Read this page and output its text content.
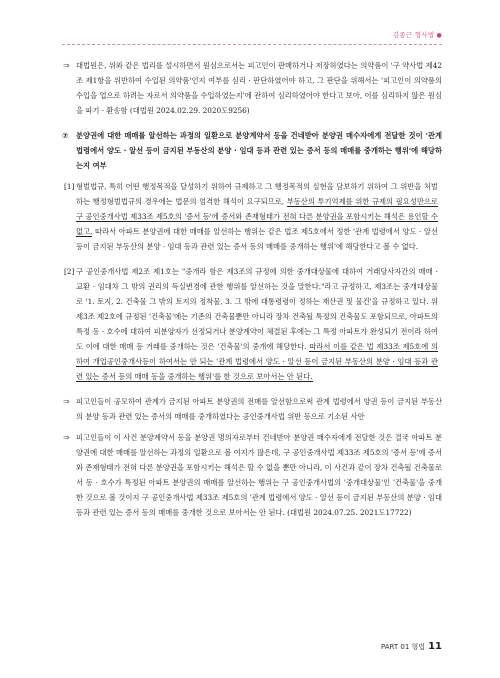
김종근 형사법 ●

⇒ 대법원은, 위와 같은 법리를 설시하면서 원심으로서는 피고인이 판매하거나 저장하였다는 의약품이 '구 약사법 제42조 제1항을 위반하여 수입된 의약품'인지 여부를 심리 · 판단하였어야 하고, 그 판단을 위해서는 '피고인이 의약품의 수입을 업으로 하려는 자로서 의약품을 수입하였는지'에 관하여 심리하였어야 한다고 보아, 이를 심리하지 않은 원심을 파기 · 환송함 (대법원 2024.02.29. 2020도9256)

⑦ 분양권에 대한 매매를 알선하는 과정의 일환으로 분양계약서 등을 건네받아 분양권 매수자에게 전달한 것이 '관계 법령에서 양도 · 알선 등이 금지된 부동산의 분양 · 임대 등과 관련 있는 증서 등의 매매를 중개하는 행위'에 해당하는지 여부

[1] 형벌법규, 특히 어떤 행정목적을 달성하기 위하여 규제하고 그 행정목적의 실현을 담보하기 위하여 그 위반을 처벌하는 행정형벌법규의 경우에는 법문의 엄격한 해석이 요구되므로, 부동산의 투기억제를 위한 규제의 필요성만으로 구 공인중개사법 제33조 제5호의 '증서 등'에 증서와 존재형태가 전혀 다른 분양권을 포함시키는 해석은 용인할 수 없고, 따라서 아파트 분양권에 대한 매매를 알선하는 행위는 같은 법조 제5호에서 정한 '관계 법령에서 양도 · 알선 등이 금지된 부동산의 분양 · 임대 등과 관련 있는 증서 등의 매매를 중개하는 행위'에 해당한다고 볼 수 없다.

[2] 구 공인중개사법 제2조 제1호는 "중개라 함은 제3조의 규정에 의한 중개대상물에 대하여 거래당사자간의 매매 · 교환 · 임대차 그 밖의 권리의 득실변경에 관한 행위를 알선하는 것을 말한다."라고 규정하고, 제3조는 중개대상물로 '1. 토지, 2. 건축물 그 밖의 토지의 정착물, 3. 그 밖에 대통령령이 정하는 재산권 및 물건'을 규정하고 있다. 위 제3조 제2호에 규정된 '건축물'에는 기존의 건축물뿐만 아니라 장차 건축될 특정의 건축물도 포함되므로, 아파트의 특정 동 · 호수에 대하여 피분양자가 선정되거나 분양계약이 체결된 후에는 그 특정 아파트가 완성되기 전이라 하여도 이에 대한 매매 등 거래를 중개하는 것은 '건축물'의 중개에 해당한다. 따라서 이를 같은 법 제33조 제5호에 의하여 개업공인중개사등이 하여서는 안 되는 '관계 법령에서 양도 · 알선 등이 금지된 부동산의 분양 · 임대 등과 관련 있는 증서 등의 매매 등을 중개하는 행위'를 한 것으로 보아서는 안 된다.

⇒ 피고인들이 공모하여 관계가 금지된 아파트 분양권의 전매를 알선함으로써 관계 법령에서 양권 등이 금지된 부동산의 분양 등과 관련 있는 증서의 매매를 중개하였다는 공인중개사법 위반 등으로 기소된 사안

⇒ 피고인들이 이 사건 분양계약서 등을 분양권 명의자로부터 건네받아 분양권 매수자에게 전달한 것은 결국 아파트 분양권에 대한 매매를 알선하는 과정의 일환으로 볼 여지가 많은데, 구 공인중개사법 제33조 제5호의 '증서 등'에 증서와 존재형태가 전혀 다른 분양권을 포함시키는 해석은 할 수 없을 뿐만 아니라, 이 사건과 같이 장차 건축될 건축물로서 동 · 호수가 특정된 아파트 분양권의 매매를 알선하는 행위는 구 공인중개사법의 '중개대상물'인 '건축물'을 중개한 것으로 볼 것이지 구 공인중개사법 제33조 제5호의 '관계 법령에서 양도 · 알선 등이 금지된 부동산의 분양 · 임대 등과 관련 있는 증서 등의 매매를 중개한 것으로 보아서는 안 된다. (대법원 2024.07.25. 2021도17722)

PART 01 형법 11
